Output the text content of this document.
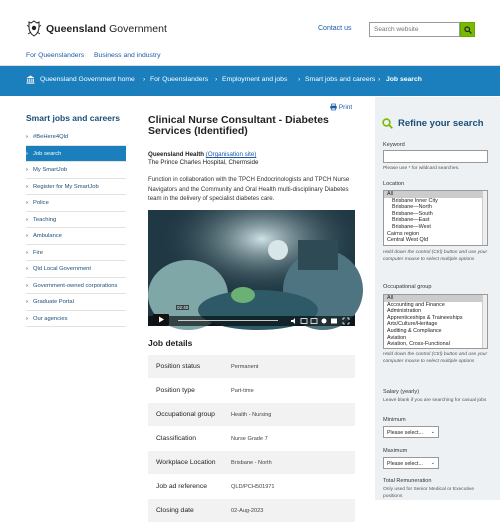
Queensland Government	Contact us
Search website
For Queenslanders Business and industry
Queensland Government home › For Queenslanders › Employment and jobs › Smart jobs and careers › Job search
Smart jobs and careers
› #BeHere4Qld
› Job search
› My SmartJob
› Register for My SmartJob
› Police
› Teaching
› Ambulance
› Fire
› Qld Local Government
› Government-owned corporations
› Graduate Portal
› Our agencies
Print
Clinical Nurse Consultant - Diabetes Services (Identified)
Queensland Health (Organisation site)
The Prince Charles Hospital, Chermside
Function in collaboration with the TPCH Endocrinologists and TPCH Nurse Navigators and the Community and Oral Health multi-disciplinary Diabetes team in the delivery of specialist diabetes care.
02:40
Job details
Position status	Permanent
Position type	Part-time
Occupational group	Health - Nursing
Classification	Nurse Grade 7
Workplace Location	Brisbane - North
Job ad reference	QLD/PCH501971
Closing date	02-Aug-2023
Refine your search
Keyword
Please use * for wildcard searches.
Location
All
Brisbane Inner City
Brisbane—North
Brisbane—South
Brisbane—East
Brisbane—West
Cairns region
Central West Qld
Hold down the control (Ctrl) button and use your computer mouse to select multiple options
Occupational group
All
Accounting and Finance
Administration
Apprenticeships & Traineeships
Arts/Culture/Heritage
Auditing & Compliance
Aviation
Aviation, Cross-Functional
Hold down the control (Ctrl) button and use your computer mouse to select multiple options
Salary (yearly)
Leave blank if you are searching for casual jobs
Minimum
Please select... ⌄
Maximum
Please select... ⌄
Total Remuneration
Only used for Senior Medical or Executive positions
